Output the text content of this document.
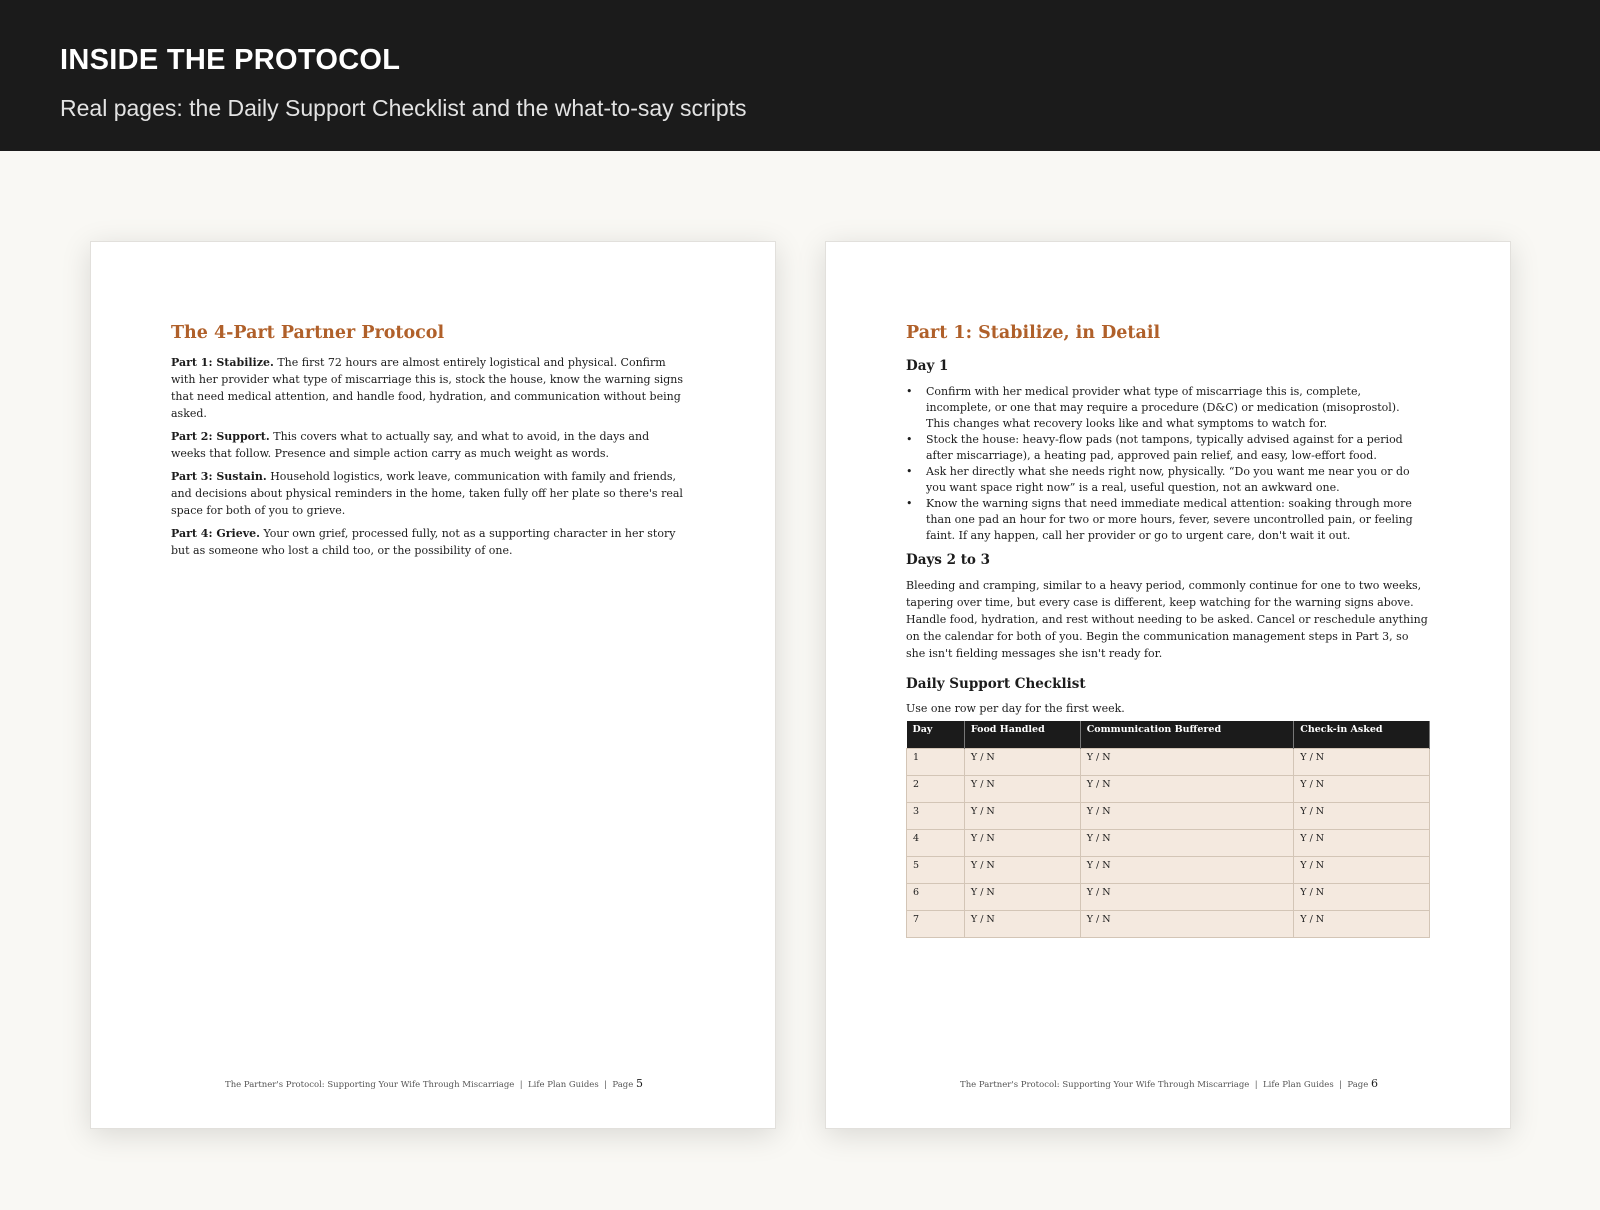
INSIDE THE PROTOCOL
Real pages: the Daily Support Checklist and the what-to-say scripts
The 4-Part Partner Protocol

Part 1: Stabilize. The first 72 hours are almost entirely logistical and physical. Confirm with her provider what type of miscarriage this is, stock the house, know the warning signs that need medical attention, and handle food, hydration, and communication without being asked.

Part 2: Support. This covers what to actually say, and what to avoid, in the days and weeks that follow. Presence and simple action carry as much weight as words.

Part 3: Sustain. Household logistics, work leave, communication with family and friends, and decisions about physical reminders in the home, taken fully off her plate so there's real space for both of you to grieve.

Part 4: Grieve. Your own grief, processed fully, not as a supporting character in her story but as someone who lost a child too, or the possibility of one.

The Partner's Protocol: Supporting Your Wife Through Miscarriage  |  Life Plan Guides  |  Page 5
Part 1: Stabilize, in Detail
Day 1
• Confirm with her medical provider what type of miscarriage this is, complete, incomplete, or one that may require a procedure (D&C) or medication (misoprostol). This changes what recovery looks like and what symptoms to watch for.
• Stock the house: heavy-flow pads (not tampons, typically advised against for a period after miscarriage), a heating pad, approved pain relief, and easy, low-effort food.
• Ask her directly what she needs right now, physically. “Do you want me near you or do you want space right now” is a real, useful question, not an awkward one.
• Know the warning signs that need immediate medical attention: soaking through more than one pad an hour for two or more hours, fever, severe uncontrolled pain, or feeling faint. If any happen, call her provider or go to urgent care, don't wait it out.
Days 2 to 3

Bleeding and cramping, similar to a heavy period, commonly continue for one to two weeks, tapering over time, but every case is different, keep watching for the warning signs above. Handle food, hydration, and rest without needing to be asked. Cancel or reschedule anything on the calendar for both of you. Begin the communication management steps in Part 3, so she isn't fielding messages she isn't ready for.

Daily Support Checklist

Use one row per day for the first week.

Day	Food Handled	Communication Buffered	Check-in Asked
1	Y / N	Y / N	Y / N
2	Y / N	Y / N	Y / N
3	Y / N	Y / N	Y / N
4	Y / N	Y / N	Y / N
5	Y / N	Y / N	Y / N
6	Y / N	Y / N	Y / N
7	Y / N	Y / N	Y / N
The Partner's Protocol: Supporting Your Wife Through Miscarriage  |  Life Plan Guides  |  Page 6
